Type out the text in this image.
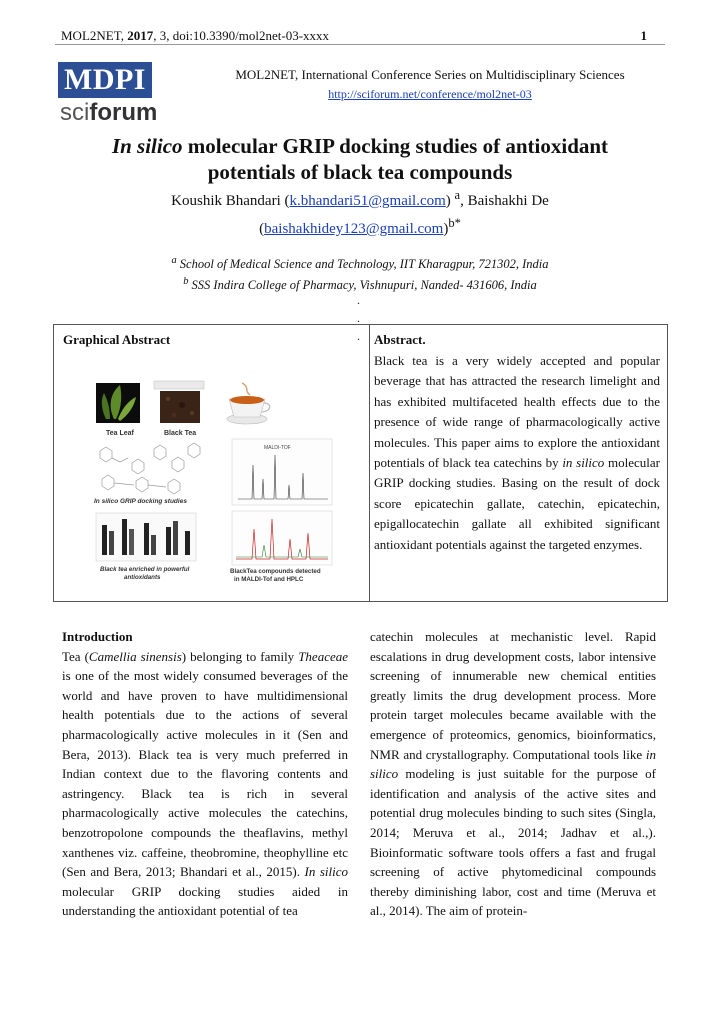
MOL2NET, 2017, 3, doi:10.3390/mol2net-03-xxxx	1
MDPI
sciforum
MOL2NET, International Conference Series on Multidisciplinary Sciences
http://sciforum.net/conference/mol2net-03
In silico molecular GRIP docking studies of antioxidant
potentials of black tea compounds
Koushik Bhandari (k.bhandari51@gmail.com) $^a$, Baishakhi De
(baishakhidey123@gmail.com)$^{b*}$
$^a$ School of Medical Science and Technology, IIT Kharagpur, 721302, India
$^b$ SSS Indira College of Pharmacy, Vishnupuri, Nanded- 431606, India
.
.
.
Graphical Abstract
Tea Leaf	Black Tea
In silico GRIP docking studies
Black tea enriched in powerful
antioxidants
MALDI-TOF
BlackTea compounds detected
in MALDI-Tof and HPLC
Abstract.
Black tea is a very widely accepted and popular beverage that has attracted the research limelight and has exhibited multifaceted health effects due to the presence of wide range of pharmacologically active molecules. This paper aims to explore the antioxidant potentials of black tea catechins by in silico molecular GRIP docking studies. Basing on the result of dock score epicatechin gallate, catechin, epicatechin, epigallocatechin gallate all exhibited significant antioxidant potentials against the targeted enzymes.

Introduction

Tea (Camellia sinensis) belonging to family Theaceae is one of the most widely consumed beverages of the world and have proven to have multidimensional health potentials due to the actions of several pharmacologically active molecules in it (Sen and Bera, 2013). Black tea is very much preferred in Indian context due to the flavoring contents and astringency. Black tea is rich in several pharmacologically active molecules the catechins, benzotropolone compounds the theaflavins, methyl xanthenes viz. caffeine, theobromine, theophylline etc (Sen and Bera, 2013; Bhandari et al., 2015). In silico molecular GRIP docking studies aided in understanding the antioxidant potential of tea

catechin molecules at mechanistic level. Rapid escalations in drug development costs, labor intensive screening of innumerable new chemical entities greatly limits the drug development process. More protein target molecules became available with the emergence of proteomics, genomics, bioinformatics, NMR and crystallography. Computational tools like in silico modeling is just suitable for the purpose of identification and analysis of the active sites and potential drug molecules binding to such sites (Singla, 2014; Meruva et al., 2014; Jadhav et al.,). Bioinformatic software tools offers a fast and frugal screening of active phytomedicinal compounds thereby diminishing labor, cost and time (Meruva et al., 2014). The aim of protein-
